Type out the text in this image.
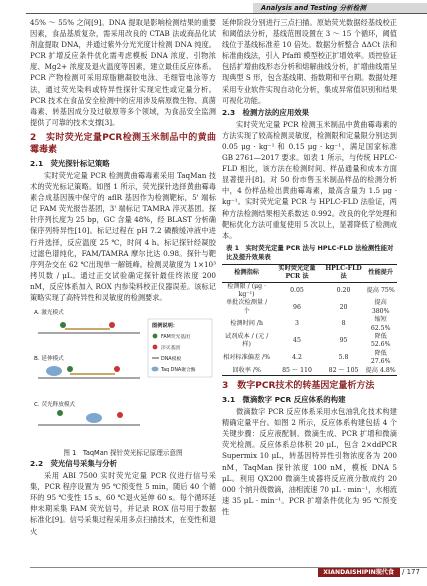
Analysis and Testing 分析检测

45% ～ 55% 之间[9]。DNA 提取是影响检测结果的重要因素，食品基质复杂，需采用改良的 CTAB 法或商品化试剂盒提取 DNA，并通过紫外分光光度计检测 DNA 纯度。PCR 扩增反应条件优化需考虑模板 DNA 浓度、引物浓度、Mg2+ 浓度及退火温度等因素，建立最佳反应体系。PCR 产物检测可采用琼脂糖凝胶电泳、毛细管电泳等方法，通过荧光染料或特异性探针实现定性或定量分析。PCR 技术在食品安全检测中的应用涉及病原微生物、真菌毒素、转基因成分及过敏原等多个领域，为食品安全监测提供了可靠的技术支撑[3]。

2　实时荧光定量PCR检测玉米制品中的黄曲霉毒素
2.1　荧光探针标记策略

实时荧光定量 PCR 检测黄曲霉毒素采用 TaqMan 技术的荧光标记策略。如图 1 所示，荧光探针选择黄曲霉毒素合成基因簇中保守的 aflR 基因作为检测靶标，5' 端标记 FAM 荧光报告基团，3' 端标记 TAMRA 淬灭基团。探针序列长度为 25 bp，GC 含量 48%，经 BLAST 分析确保序列特异性[10]。标记过程在 pH 7.2 磷酸缓冲液中进行并选择，反应温度 25 ℃，时间 4 h。标记探针经凝胶过滤色谱纯化，FAM/TAMRA 摩尔比达 0.98。探针与靶序列杂交在 62 ℃出现单一解链峰。检测灵敏度为 1×10³ 拷贝数 / μL。通过正交试验确定探针最佳终浓度 200 nM，反应体系加入 ROX 内参染料校正仪器误差。该标记策略实现了高特异性和灵敏度的检测要求。

A. 激光模式
B. 延伸模式
C. 荧光释放模式
图例说明：
FAM荧光基团
淬灭基团
DNA模板
Taq DNA聚合酶
图 1　TaqMan 探针荧光标记原理示意图
2.2　荧光信号采集与分析

采用 ABI 7500 实时荧光定量 PCR 仪进行信号采集，PCR 程序设置为 95 ℃预变性 5 min，随后 40 个循环的 95 ℃变性 15 s、60 ℃退火延伸 60 s。每个循环延伸末期采集 FAM 荧光信号，并记录 ROX 信号用于数据标准化[9]。信号采集过程采用多点扫描技术，在变性和退火

延伸阶段分别进行三点扫描。原始荧光数据经基线校正和阈值法分析，基线范围设置在 3 ～ 15 个循环，阈值线位于基线标准差 10 倍处。数据分析整合 ΔΔCt 法和标准曲线法，引入 Pfaffl 模型校正扩增效率。质控验证包括扩增曲线形态分析和熔解曲线分析，扩增曲线需呈现典型 S 形，包含基线期、指数期和平台期。数据处理采用专业软件实现自动化分析，集成异常值识别和结果可视化功能。

2.3　检测方法的应用效果

实时荧光定量 PCR 检测玉米制品中黄曲霉毒素的方法实现了较高检测灵敏度，检测限和定量限分别达到 0.05 μg · kg⁻¹ 和 0.15 μg · kg⁻¹，满足国家标准 GB 2761—2017 要求。如表 1 所示，与传统 HPLC-FLD 相比，该方法在检测时间、样品通量和成本方面显著提升[8]。对 50 份市售玉米制品样品的检测分析中，4 份样品检出黄曲霉毒素，最高含量为 1.5 μg · kg⁻¹。实时荧光定量 PCR 与 HPLC-FLD 法验证，两种方法检测结果相关系数达 0.992。改良的化学处理和靶标优化方法可重复使用 5 次以上，显著降低了检测成本。

表 1　实时荧光定量 PCR 法与 HPLC-FLD 法检测性能对比及提升效果表
检测指标	实时荧光定量PCR 法	HPLC-FLD 法	性能提升
检测限 / (μg · kg⁻¹)	0.05	0.20	提高 75%
单批次检测量 / 个	96	20	提高 380%
检测时间 /h	3	8	缩短 62.5%
试剂成本 / (元 / 样)	45	95	降低 52.6%
相对标准偏差 /%	4.2	5.8	降低 27.6%
回收率 /%	85 ～ 110	82 ～ 105	提高 4.8%
3　数字PCR技术的转基因定量析方法
3.1　微滴数字 PCR 反应体系的构建

微滴数字 PCR 反应体系采用水包油乳化技术构建精确定量平台。如图 2 所示，反应体系构建包括 4 个关键步骤：反应液配制、微滴生成、PCR 扩增和微滴荧光检测。反应体系总体积 20 μL，包含 2×ddPCR Supermix 10 μL，转基因特异性引物浓度各为 200 nM，TaqMan 探针浓度 100 nM，模板 DNA 5 μL。利用 QX200 微滴生成器将反应液分散成约 20 000 个纳升级微滴，油相流速 70 μL · min⁻¹，水相流速 35 μL · min⁻¹。PCR 扩增条件优化为 95 ℃预变性

XIANDAISHIPIN现代食品
/ 177
